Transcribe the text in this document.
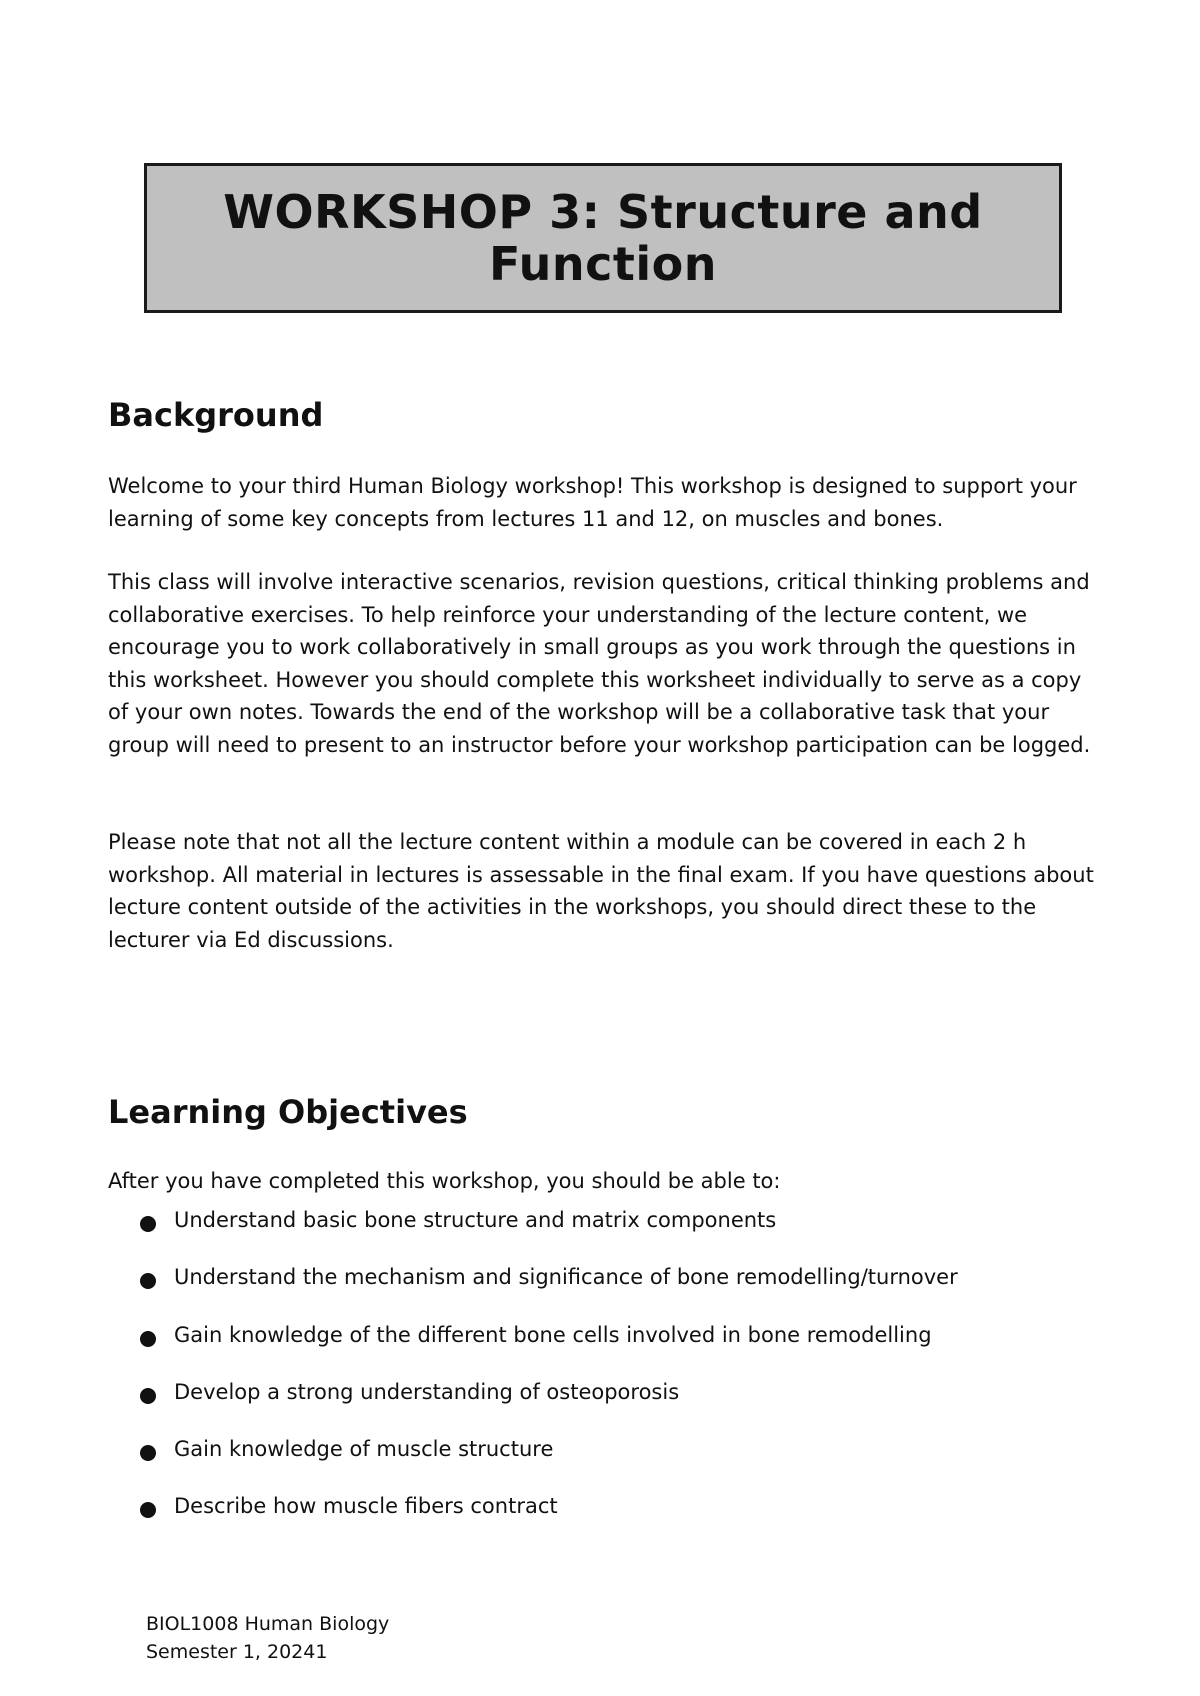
WORKSHOP 3: Structure and Function
Background

Welcome to your third Human Biology workshop! This workshop is designed to support your learning of some key concepts from lectures 11 and 12, on muscles and bones.

This class will involve interactive scenarios, revision questions, critical thinking problems and collaborative exercises. To help reinforce your understanding of the lecture content, we encourage you to work collaboratively in small groups as you work through the questions in this worksheet. However you should complete this worksheet individually to serve as a copy of your own notes. Towards the end of the workshop will be a collaborative task that your group will need to present to an instructor before your workshop participation can be logged.

Please note that not all the lecture content within a module can be covered in each 2 h workshop. All material in lectures is assessable in the final exam. If you have questions about lecture content outside of the activities in the workshops, you should direct these to the lecturer via Ed discussions.

Learning Objectives

After you have completed this workshop, you should be able to:

Understand basic bone structure and matrix components
Understand the mechanism and significance of bone remodelling/turnover
Gain knowledge of the different bone cells involved in bone remodelling
Develop a strong understanding of osteoporosis
Gain knowledge of muscle structure
Describe how muscle fibers contract
BIOL1008 Human Biology
Semester 1, 20241
